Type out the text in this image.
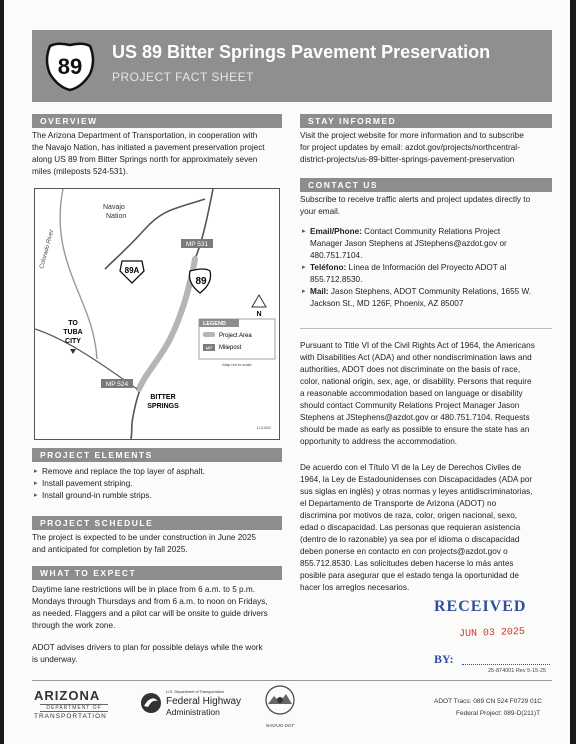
89
US 89 Bitter Springs Pavement Preservation
PROJECT FACT SHEET
OVERVIEW
The Arizona Department of Transportation, in cooperation with
the Navajo Nation, has initiated a pavement preservation project
along US 89 from Bitter Springs north for approximately seven
miles (mileposts 524-531).
Navajo
Nation
Colorado River	MP 531
89A
89
TO
TUBA
CITY
MP 524
BITTER
SPRINGS
LEGEND
Project Area
MP Milepost
Map not to scale
N
11-61863
PROJECT ELEMENTS
▸ Remove and replace the top layer of asphalt.
▸ Install pavement striping.
▸ Install ground-in rumble strips.
PROJECT SCHEDULE
The project is expected to be under construction in June 2025
and anticipated for completion by fall 2025.
WHAT TO EXPECT
Daytime lane restrictions will be in place from 6 a.m. to 5 p.m.
Mondays through Thursdays and from 6 a.m. to noon on Fridays,
as needed. Flaggers and a pilot car will be onsite to guide drivers
through the work zone.
ADOT advises drivers to plan for possible delays while the work
is underway.
STAY INFORMED
Visit the project website for more information and to subscribe
for project updates by email: azdot.gov/projects/northcentral-
district-projects/us-89-bitter-springs-pavement-preservation
CONTACT US
Subscribe to receive traffic alerts and project updates directly to
your email.
▸ Email/Phone: Contact Community Relations Project
Manager Jason Stephens at JStephens@azdot.gov or
480.751.7104.
▸ Teléfono: Línea de Información del Proyecto ADOT al
855.712.8530.
▸ Mail: Jason Stephens, ADOT Community Relations, 1655 W.
Jackson St., MD 126F, Phoenix, AZ 85007
Pursuant to Title VI of the Civil Rights Act of 1964, the Americans
with Disabilities Act (ADA) and other nondiscrimination laws and
authorities, ADOT does not discriminate on the basis of race,
color, national origin, sex, age, or disability. Persons that require
a reasonable accommodation based on language or disability
should contact Community Relations Project Manager Jason
Stephens at JStephens@azdot.gov or 480.751.7104. Requests
should be made as early as possible to ensure the state has an
opportunity to address the accommodation.
De acuerdo con el Título VI de la Ley de Derechos Civiles de
1964, la Ley de Estadounidenses con Discapacidades (ADA por
sus siglas en inglés) y otras normas y leyes antidiscriminatorias,
el Departamento de Transporte de Arizona (ADOT) no
discrimina por motivos de raza, color, origen nacional, sexo,
edad o discapacidad. Las personas que requieran asistencia
(dentro de lo razonable) ya sea por el idioma o discapacidad
deben ponerse en contacto en con projects@azdot.gov o
855.712.8530. Las solicitudes deben hacerse lo más antes
posible para asegurar que el estado tenga la oportunidad de
hacer los arreglos necesarios.
RECEIVED
JUN 03 2025
BY:
25-874001 Rev 5-15-25
ARIZONA
DEPARTMENT OF
TRANSPORTATION
U.S. Department of Transportation
Federal Highway
Administration
NAVAJO DOT
ADOT Tracs: 089 CN 524 F0729 01C
Federal Project: 089-D(211)T
